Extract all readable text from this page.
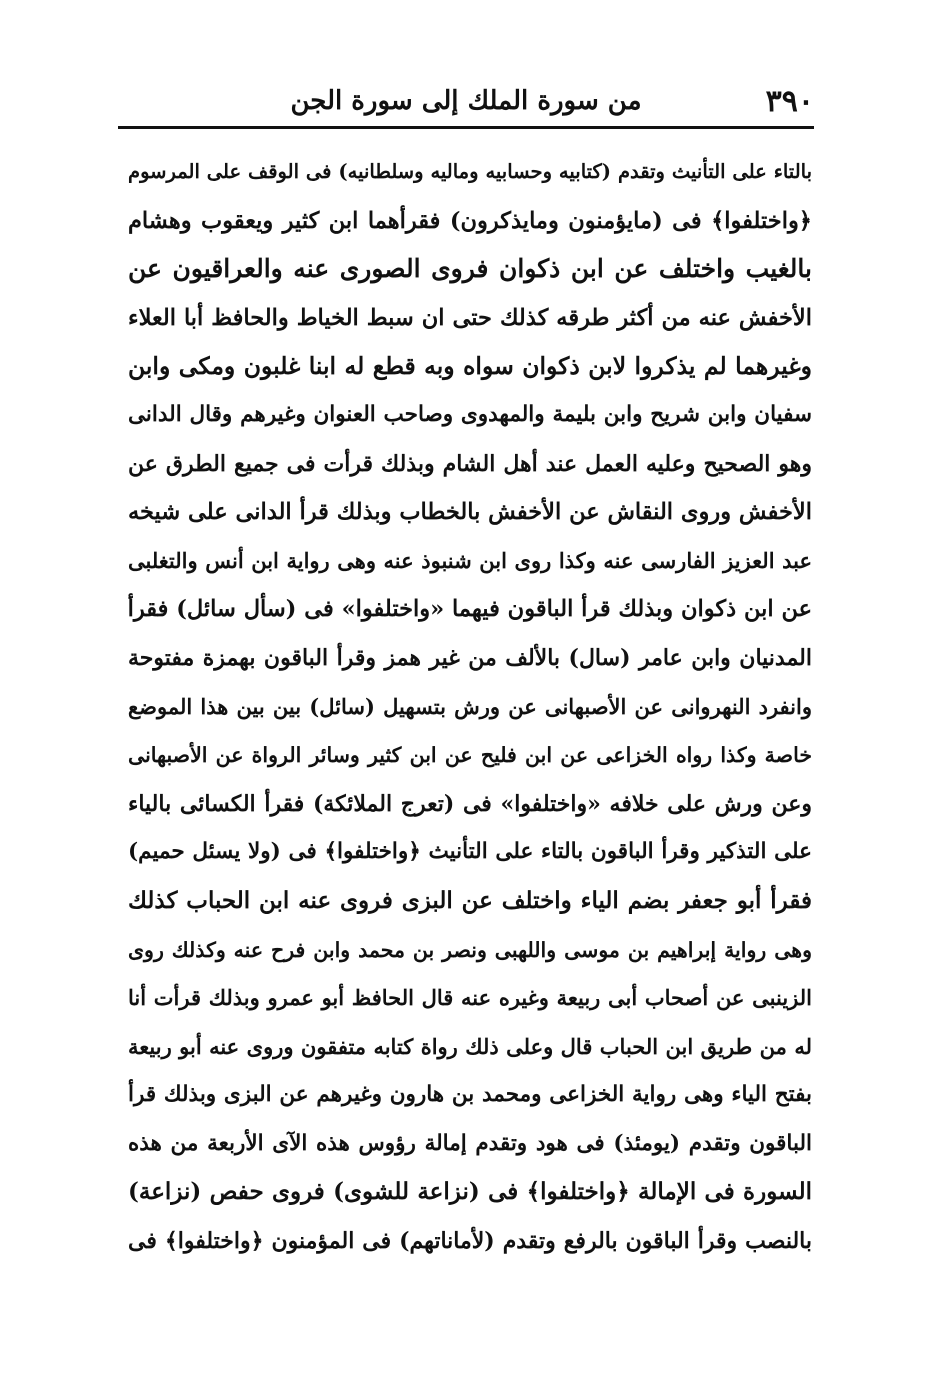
٣٩٠
من سورة الملك إلى سورة الجن
بالتاء على التأنيث وتقدم (كتابيه وحسابيه وماليه وسلطانيه) فى الوقف على المرسوم
﴿واختلفوا﴾ فى (مايؤمنون ومايذكرون) فقرأهما ابن كثير ويعقوب وهشام
بالغيب واختلف عن ابن ذكوان فروى الصورى عنه والعراقيون عن
الأخفش عنه من أكثر طرقه كذلك حتى ان سبط الخياط والحافظ أبا العلاء
وغيرهما لم يذكروا لابن ذكوان سواه وبه قطع له ابنا غلبون ومكى وابن
سفيان وابن شريح وابن بليمة والمهدوى وصاحب العنوان وغيرهم وقال الدانى
وهو الصحيح وعليه العمل عند أهل الشام وبذلك قرأت فى جميع الطرق عن
الأخفش وروى النقاش عن الأخفش بالخطاب وبذلك قرأ الدانى على شيخه
عبد العزيز الفارسى عنه وكذا روى ابن شنبوذ عنه وهى رواية ابن أنس والتغلبى
عن ابن ذكوان وبذلك قرأ الباقون فيهما «واختلفوا» فى (سأل سائل) فقرأ
المدنيان وابن عامر (سال) بالألف من غير همز وقرأ الباقون بهمزة مفتوحة
وانفرد النهروانى عن الأصبهانى عن ورش بتسهيل (سائل) بين بين هذا الموضع
خاصة وكذا رواه الخزاعى عن ابن فليح عن ابن كثير وسائر الرواة عن الأصبهانى
وعن ورش على خلافه «واختلفوا» فى (تعرج الملائكة) فقرأ الكسائى بالياء
على التذكير وقرأ الباقون بالتاء على التأنيث ﴿واختلفوا﴾ فى (ولا يسئل حميم)
فقرأ أبو جعفر بضم الياء واختلف عن البزى فروى عنه ابن الحباب كذلك
وهى رواية إبراهيم بن موسى واللهبى ونصر بن محمد وابن فرح عنه وكذلك روى
الزينبى عن أصحاب أبى ربيعة وغيره عنه قال الحافظ أبو عمرو وبذلك قرأت أنا
له من طريق ابن الحباب قال وعلى ذلك رواة كتابه متفقون وروى عنه أبو ربيعة
بفتح الياء وهى رواية الخزاعى ومحمد بن هارون وغيرهم عن البزى وبذلك قرأ
الباقون وتقدم (يومئذ) فى هود وتقدم إمالة رؤوس هذه الآى الأربعة من هذه
السورة فى الإمالة ﴿واختلفوا﴾ فى (نزاعة للشوى) فروى حفص (نزاعة)
بالنصب وقرأ الباقون بالرفع وتقدم (لأماناتهم) فى المؤمنون ﴿واختلفوا﴾ فى
